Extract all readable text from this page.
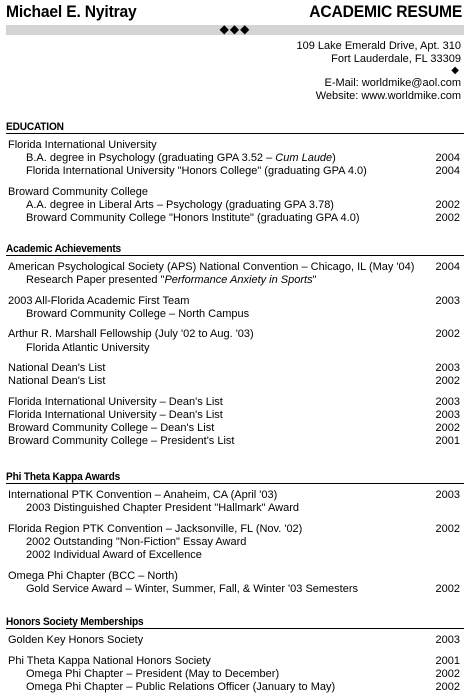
Michael E. Nyitray	ACADEMIC RESUME
◆◆◆
109 Lake Emerald Drive, Apt. 310
Fort Lauderdale, FL 33309
◆
E-Mail: worldmike@aol.com
Website: www.worldmike.com
EDUCATION
Florida International University
B.A. degree in Psychology (graduating GPA 3.52 – Cum Laude)	2004
Florida International University "Honors College" (graduating GPA 4.0)	2004
Broward Community College
A.A. degree in Liberal Arts – Psychology (graduating GPA 3.78)	2002
Broward Community College "Honors Institute" (graduating GPA 4.0)	2002
Academic Achievements
American Psychological Society (APS) National Convention – Chicago, IL (May '04) 2004
Research Paper presented "Performance Anxiety in Sports"
2003 All-Florida Academic First Team	2003
Broward Community College – North Campus
Arthur R. Marshall Fellowship (July '02 to Aug. '03)	2002
Florida Atlantic University
National Dean's List	2003
National Dean's List	2002
Florida International University – Dean's List	2003
Florida International University – Dean's List	2003
Broward Community College – Dean's List	2002
Broward Community College – President's List	2001
Phi Theta Kappa Awards
International PTK Convention – Anaheim, CA (April '03)	2003
2003 Distinguished Chapter President "Hallmark" Award
Florida Region PTK Convention – Jacksonville, FL (Nov. '02)	2002
2002 Outstanding "Non-Fiction" Essay Award
2002 Individual Award of Excellence
Omega Phi Chapter (BCC – North)
Gold Service Award – Winter, Summer, Fall, & Winter '03 Semesters	2002
Honors Society Memberships
Golden Key Honors Society	2003
Phi Theta Kappa National Honors Society	2001
Omega Phi Chapter – President (May to December)	2002
Omega Phi Chapter – Public Relations Officer (January to May)	2002
